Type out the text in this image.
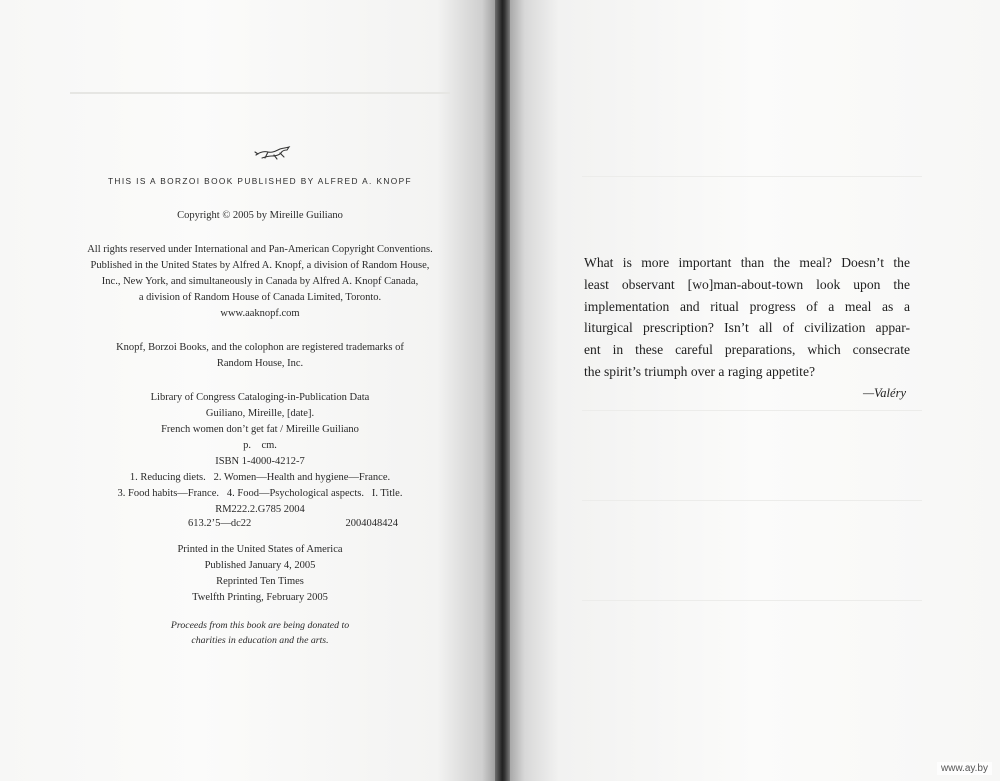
THIS IS A BORZOI BOOK PUBLISHED BY ALFRED A. KNOPF
Copyright © 2005 by Mireille Guiliano
All rights reserved under International and Pan-American Copyright Conventions.
Published in the United States by Alfred A. Knopf, a division of Random House,
Inc., New York, and simultaneously in Canada by Alfred A. Knopf Canada,
a division of Random House of Canada Limited, Toronto.
www.aaknopf.com
Knopf, Borzoi Books, and the colophon are registered trademarks of
Random House, Inc.
Library of Congress Cataloging-in-Publication Data
Guiliano, Mireille, [date].
French women don’t get fat / Mireille Guiliano
p.    cm.
ISBN 1-4000-4212-7
1. Reducing diets.   2. Women—Health and hygiene—France.
3. Food habits—France.   4. Food—Psychological aspects.   I. Title.
RM222.2.G785 2004
613.2’5—dc22	2004048424
Printed in the United States of America
Published January 4, 2005
Reprinted Ten Times
Twelfth Printing, February 2005
Proceeds from this book are being donated to
charities in education and the arts.
What is more important than the meal? Doesn’t the
least observant [wo]man-about-town look upon the
implementation and ritual progress of a meal as a
liturgical prescription? Isn’t all of civilization appar-
ent in these careful preparations, which consecrate
the spirit’s triumph over a raging appetite?
—Valéry
www.ay.by
